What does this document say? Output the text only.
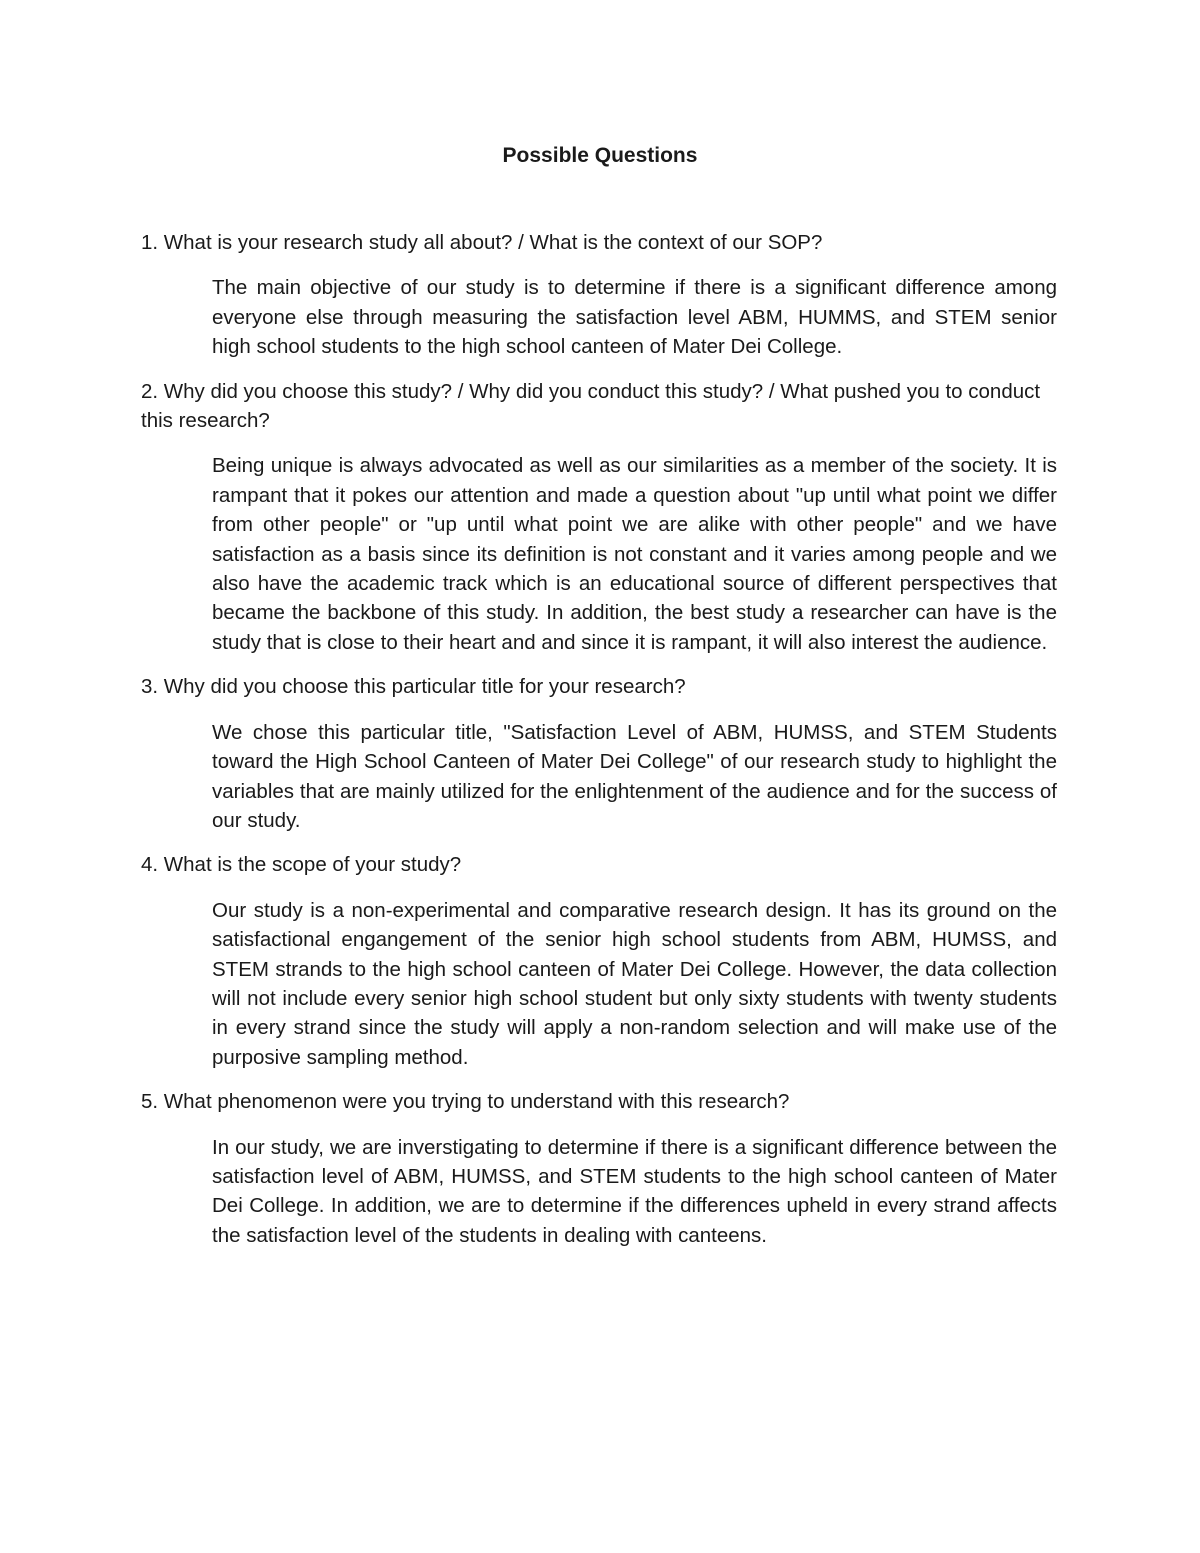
Possible Questions
1. What is your research study all about? / What is the context of our SOP?
The main objective of our study is to determine if there is a significant difference among everyone else through measuring the satisfaction level ABM, HUMMS, and STEM senior high school students to the high school canteen of Mater Dei College.
2. Why did you choose this study? / Why did you conduct this study? / What pushed you to conduct this research?
Being unique is always advocated as well as our similarities as a member of the society. It is rampant that it pokes our attention and made a question about "up until what point we differ from other people" or "up until what point we are alike with other people" and we have satisfaction as a basis since its definition is not constant and it varies among people and we also have the academic track which is an educational source of different perspectives that became the backbone of this study. In addition, the best study a researcher can have is the study that is close to their heart and and since it is rampant, it will also interest the audience.
3. Why did you choose this particular title for your research?
We chose this particular title, "Satisfaction Level of ABM, HUMSS, and STEM Students toward the High School Canteen of Mater Dei College" of our research study to highlight the variables that are mainly utilized for the enlightenment of the audience and for the success of our study.
4. What is the scope of your study?
Our study is a non-experimental and comparative research design. It has its ground on the satisfactional engangement of the senior high school students from ABM, HUMSS, and STEM strands to the high school canteen of Mater Dei College. However, the data collection will not include every senior high school student but only sixty students with twenty students in every strand since the study will apply a non-random selection and will make use of the purposive sampling method.
5. What phenomenon were you trying to understand with this research?
In our study, we are inverstigating to determine if there is a significant difference between the satisfaction level of ABM, HUMSS, and STEM students to the high school canteen of Mater Dei College. In addition, we are to determine if the differences upheld in every strand affects the satisfaction level of the students in dealing with canteens.
